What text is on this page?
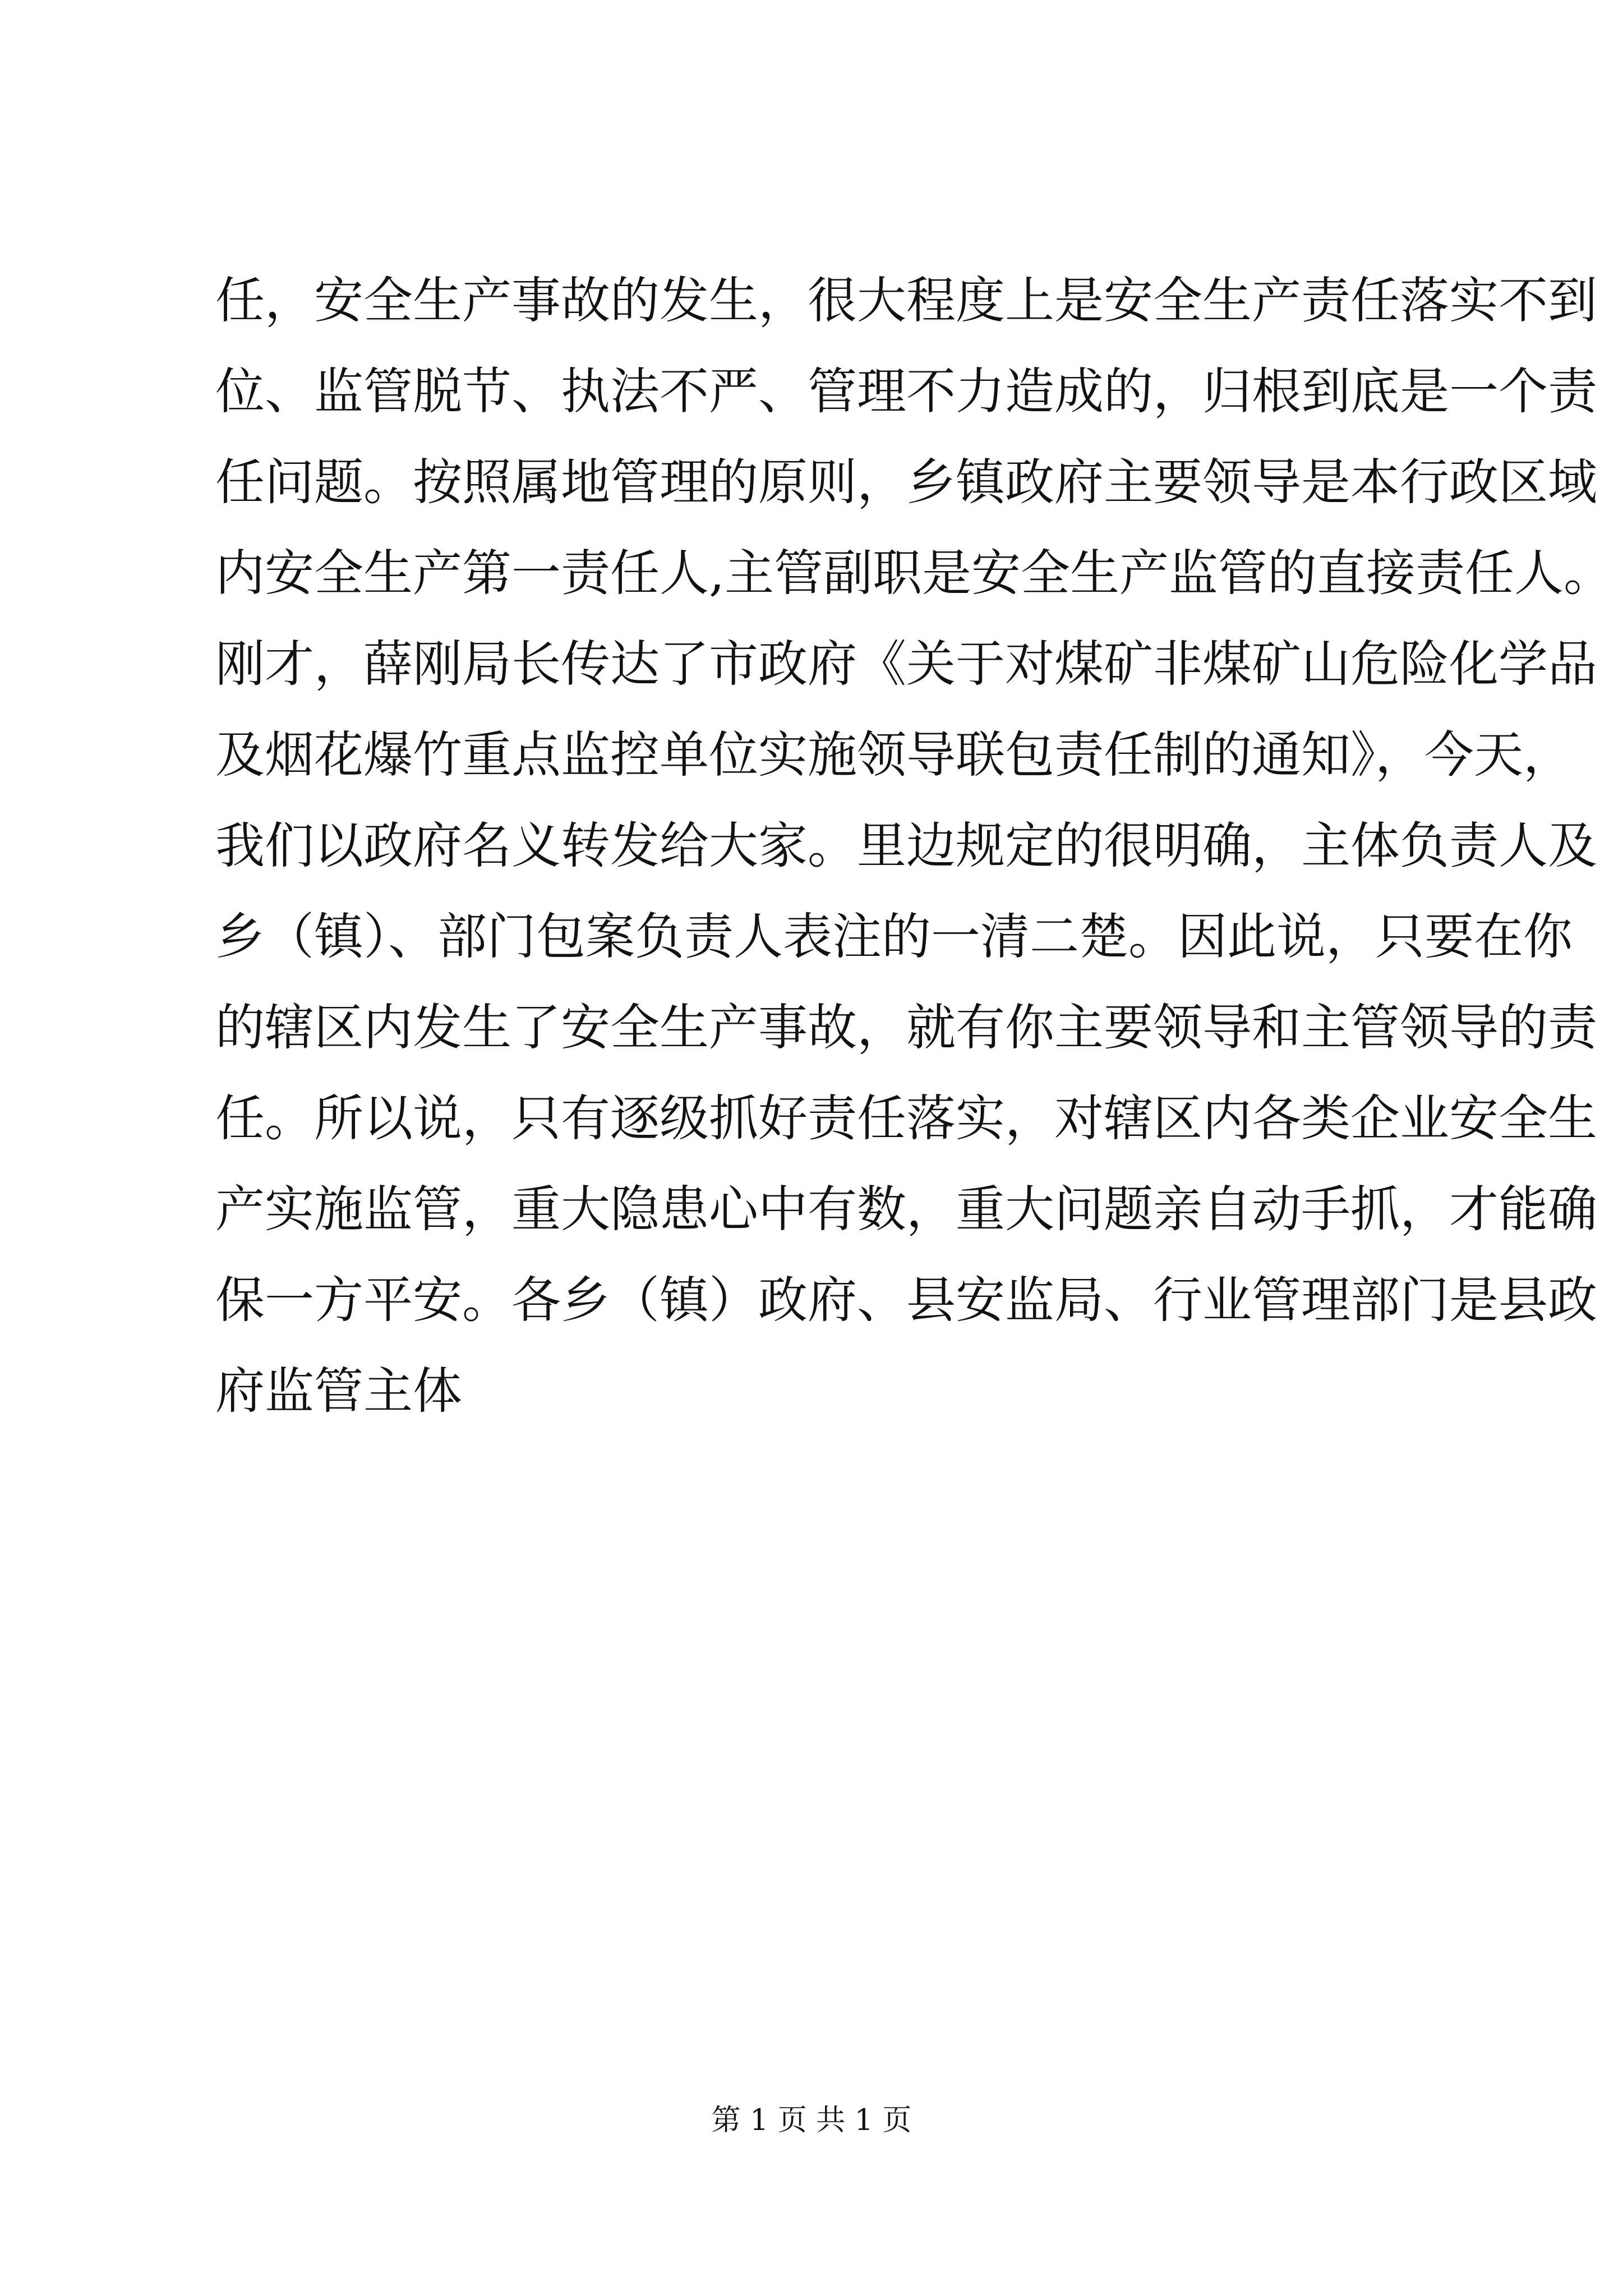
任，安全生产事故的发生，很大程度上是安全生产责任落实不到
位、监管脱节、执法不严、管理不力造成的，归根到底是一个责
任问题。按照属地管理的原则，乡镇政府主要领导是本行政区域
内安全生产第一责任人,主管副职是安全生产监管的直接责任人。
刚才，薛刚局长传达了市政府《关于对煤矿非煤矿山危险化学品
及烟花爆竹重点监控单位实施领导联包责任制的通知》，今天，
我们以政府名义转发给大家。里边规定的很明确，主体负责人及
乡（镇）、部门包案负责人表注的一清二楚。因此说，只要在你
的辖区内发生了安全生产事故，就有你主要领导和主管领导的责
任。所以说，只有逐级抓好责任落实，对辖区内各类企业安全生
产实施监管，重大隐患心中有数，重大问题亲自动手抓，才能确
保一方平安。各乡（镇）政府、县安监局、行业管理部门是县政
府监管主体
第 1 页 共 1 页
